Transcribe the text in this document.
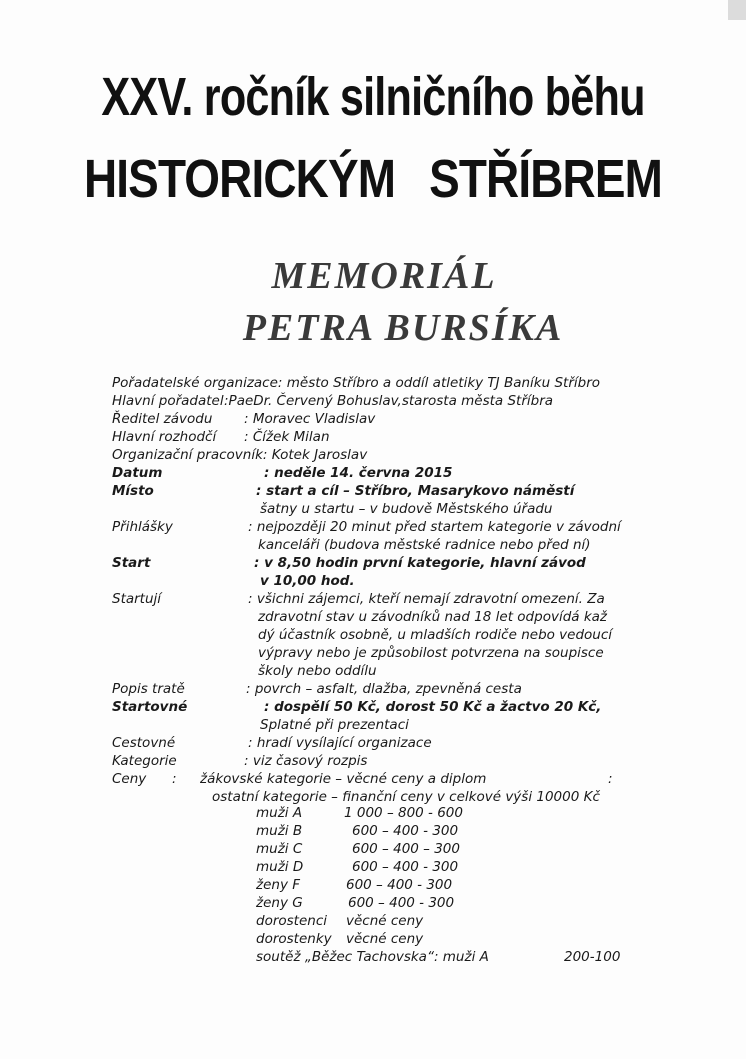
XXV. ročník silničního běhu
HISTORICKÝM STŘÍBREM
MEMORIÁL
PETRA BURSÍKA
Pořadatelské organizace: město Stříbro a oddíl atletiky TJ Baníku Stříbro
Hlavní pořadatel :PaeDr. Červený Bohuslav,starosta města Stříbra
Ředitel závodu : Moravec Vladislav
Hlavní rozhodčí : Čížek Milan
Organizační pracovník: Kotek Jaroslav
Datum	: neděle 14. června 2015
Místo	: start a cíl – Stříbro, Masarykovo náměstí
šatny u startu – v budově Městského úřadu
Přihlášky	: nejpozději 20 minut před startem kategorie v závodní
kanceláři (budova městské radnice nebo před ní)
Start	: v 8,50 hodin první kategorie, hlavní závod
v 10,00 hod.
Startují	: všichni zájemci, kteří nemají zdravotní omezení. Za
zdravotní stav u závodníků nad 18 let odpovídá kaž
dý účastník osobně, u mladších rodiče nebo vedoucí
výpravy nebo je způsobilost potvrzena na soupisce
školy nebo oddílu
Popis tratě	: povrch – asfalt, dlažba, zpevněná cesta
Startovné	: dospělí 50 Kč, dorost 50 Kč a žactvo 20 Kč,
Splatné při prezentaci
Cestovné	: hradí vysílající organizace
Kategorie	: viz časový rozpis
Ceny : žákovské kategorie – věcné ceny a diplom	:
ostatní kategorie – finanční ceny v celkové výši 10000 Kč
muži A	1 000 – 800 - 600
muži B	600 – 400 - 300
muži C	600 – 400 – 300
muži D	600 – 400 - 300
ženy F	600 – 400 - 300
ženy G	600 – 400 - 300
dorostenci věcné ceny
dorostenky věcné ceny
soutěž „Běžec Tachovska“: muži A	200-100
